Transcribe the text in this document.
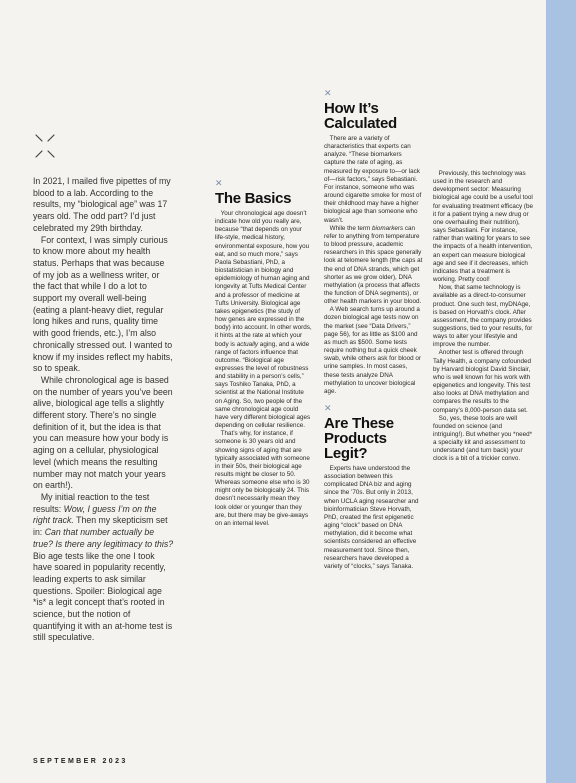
In 2021, I mailed five pipettes of my blood to a lab. According to the results, my “biological age” was 17 years old. The odd part? I’d just celebrated my 29th birthday.

For context, I was simply curious to know more about my health status. Perhaps that was because of my job as a wellness writer, or the fact that while I do a lot to support my overall well-being (eating a plant-heavy diet, regular long hikes and runs, quality time with good friends, etc.), I’m also chronically stressed out. I wanted to know if my insides reflect my habits, so to speak.

While chronological age is based on the number of years you’ve been alive, biological age tells a slightly different story. There’s no single definition of it, but the idea is that you can measure how your body is aging on a cellular, physiological level (which means the resulting number may not match your years on earth!).

My initial reaction to the test results: Wow, I guess I’m on the right track. Then my skepticism set in: Can that number actually be true? Is there any legitimacy to this? Bio age tests like the one I took have soared in popularity recently, leading experts to ask similar questions. Spoiler: Biological age *is* a legit concept that’s rooted in science, but the notion of quantifying it with an at-home test is still speculative.

✕
The Basics

Your chronological age doesn’t indicate how old you really are, because “that depends on your life-style, medical history, environmental exposure, how you eat, and so much more,” says Paola Sebastiani, PhD, a biostatistician in biology and epidemiology of human aging and longevity at Tufts Medical Center and a professor of medicine at Tufts University. Biological age takes epigenetics (the study of how genes are expressed in the body) into account. In other words, it hints at the rate at which your body is actually aging, and a wide range of factors influence that outcome. “Biological age expresses the level of robustness and stability in a person’s cells,” says Toshiko Tanaka, PhD, a scientist at the National Institute on Aging. So, two people of the same chronological age could have very different biological ages depending on cellular resilience.

That’s why, for instance, if someone is 30 years old and showing signs of aging that are typically associated with someone in their 50s, their biological age results might be closer to 50. Whereas someone else who is 30 might only be biologically 24. This doesn’t necessarily mean they look older or younger than they are, but there may be give-aways on an internal level.

✕
How It’s Calculated

There are a variety of characteristics that experts can analyze. “These biomarkers capture the rate of aging, as measured by exposure to—or lack of—risk factors,” says Sebastiani. For instance, someone who was around cigarette smoke for most of their childhood may have a higher biological age than someone who wasn’t.

While the term biomarkers can refer to anything from temperature to blood pressure, academic researchers in this space generally look at telomere length (the caps at the end of DNA strands, which get shorter as we grow older), DNA methylation (a process that affects the function of DNA segments), or other health markers in your blood.

A Web search turns up around a dozen biological age tests now on the market (see “Data Drivers,” page 56), for as little as $100 and as much as $500. Some tests require nothing but a quick cheek swab, while others ask for blood or urine samples. In most cases, these tests analyze DNA methylation to uncover biological age.

✕
Are These Products Legit?

Experts have understood the association between this complicated DNA biz and aging since the ’70s. But only in 2013, when UCLA aging researcher and bioinformatician Steve Horvath, PhD, created the first epigenetic aging “clock” based on DNA methylation, did it become what scientists considered an effective measurement tool. Since then, researchers have developed a variety of “clocks,” says Tanaka.

Previously, this technology was used in the research and development sector: Measuring biological age could be a useful tool for evaluating treatment efficacy (be it for a patient trying a new drug or one overhauling their nutrition), says Sebastiani. For instance, rather than waiting for years to see the impacts of a health intervention, an expert can measure biological age and see if it decreases, which indicates that a treatment is working. Pretty cool!

Now, that same technology is available as a direct-to-consumer product. One such test, myDNAge, is based on Horvath’s clock. After assessment, the company provides suggestions, tied to your results, for ways to alter your lifestyle and improve the number.

Another test is offered through Tally Health, a company cofounded by Harvard biologist David Sinclair, who is well known for his work with epigenetics and longevity. This test also looks at DNA methylation and compares the results to the company’s 8,000-person data set.

So, yes, these tools are well founded on science (and intriguing!). But whether you *need* a specialty kit and assessment to understand (and turn back) your clock is a bit of a trickier convo.

SEPTEMBER 2023
